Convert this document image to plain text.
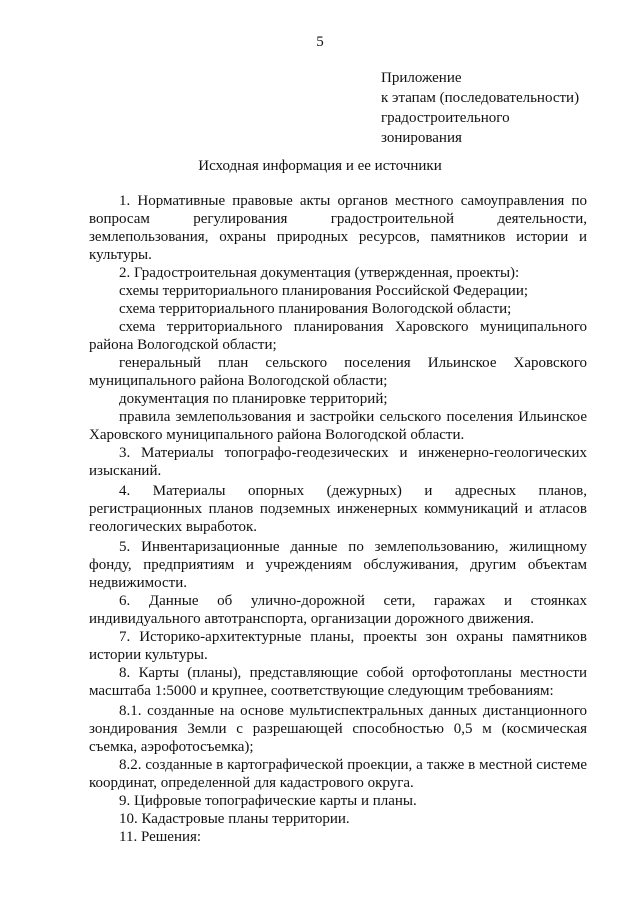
5
Приложение
к этапам (последовательности)
градостроительного
зонирования
Исходная информация и ее источники

1. Нормативные правовые акты органов местного самоуправления по вопросам регулирования градостроительной деятельности, землепользования, охраны природных ресурсов, памятников истории и культуры.

2. Градостроительная документация (утвержденная, проекты):

схемы территориального планирования Российской Федерации;

схема территориального планирования Вологодской области;

схема территориального планирования Харовского муниципального района Вологодской области;

генеральный план сельского поселения Ильинское Харовского муниципального района Вологодской области;

документация по планировке территорий;

правила землепользования и застройки сельского поселения Ильинское Харовского муниципального района Вологодской области.

3. Материалы топографо-геодезических и инженерно-геологических изысканий.

4. Материалы опорных (дежурных) и адресных планов, регистрационных планов подземных инженерных коммуникаций и атласов геологических выработок.

5. Инвентаризационные данные по землепользованию, жилищному фонду, предприятиям и учреждениям обслуживания, другим объектам недвижимости.

6. Данные об улично-дорожной сети, гаражах и стоянках индивидуального автотранспорта, организации дорожного движения.

7. Историко-архитектурные планы, проекты зон охраны памятников истории культуры.

8. Карты (планы), представляющие собой ортофотопланы местности масштаба 1:5000 и крупнее, соответствующие следующим требованиям:

8.1. созданные на основе мультиспектральных данных дистанционного зондирования Земли с разрешающей способностью 0,5 м (космическая съемка, аэрофотосъемка);

8.2. созданные в картографической проекции, а также в местной системе координат, определенной для кадастрового округа.

9. Цифровые топографические карты и планы.

10. Кадастровые планы территории.

11. Решения:
